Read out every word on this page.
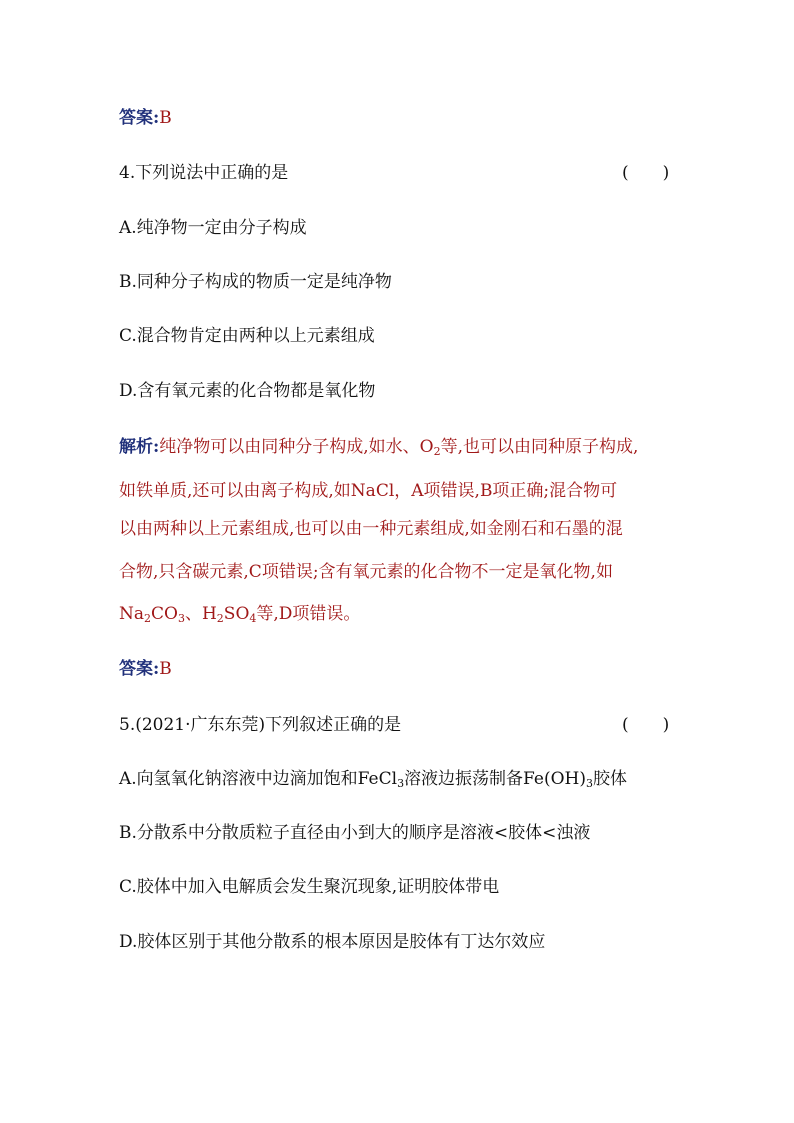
答案:B
4.下列说法中正确的是	(　　)
A.纯净物一定由分子构成
B.同种分子构成的物质一定是纯净物
C.混合物肯定由两种以上元素组成
D.含有氧元素的化合物都是氧化物
解析:纯净物可以由同种分子构成,如水、$O_2$等,也可以由同种原子构成,
如铁单质,还可以由离子构成,如NaCl，A项错误,B项正确;混合物可
以由两种以上元素组成,也可以由一种元素组成,如金刚石和石墨的混
合物,只含碳元素,C项错误;含有氧元素的化合物不一定是氧化物,如
$Na_2CO_3$、$H_2SO_4$等,D项错误。
答案:B
5.(2021·广东东莞)下列叙述正确的是	(　　)
A.向氢氧化钠溶液中边滴加饱和FeCl$_3$溶液边振荡制备$Fe(OH)_3$胶体
B.分散系中分散质粒子直径由小到大的顺序是溶液<胶体<浊液
C.胶体中加入电解质会发生聚沉现象,证明胶体带电
D.胶体区别于其他分散系的根本原因是胶体有丁达尔效应
